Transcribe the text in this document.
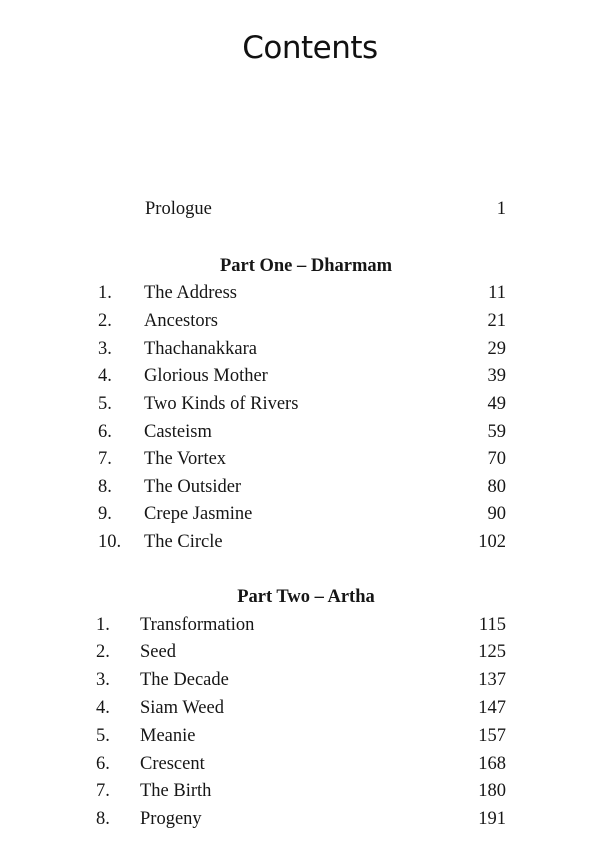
Contents
Prologue	1
Part One – Dharmam
1.	The Address	11
2.	Ancestors	21
3.	Thachanakkara	29
4.	Glorious Mother	39
5.	Two Kinds of Rivers	49
6.	Casteism	59
7.	The Vortex	70
8.	The Outsider	80
9.	Crepe Jasmine	90
10.	The Circle	102
Part Two – Artha
1.	Transformation	115
2.	Seed	125
3.	The Decade	137
4.	Siam Weed	147
5.	Meanie	157
6.	Crescent	168
7.	The Birth	180
8.	Progeny	191
